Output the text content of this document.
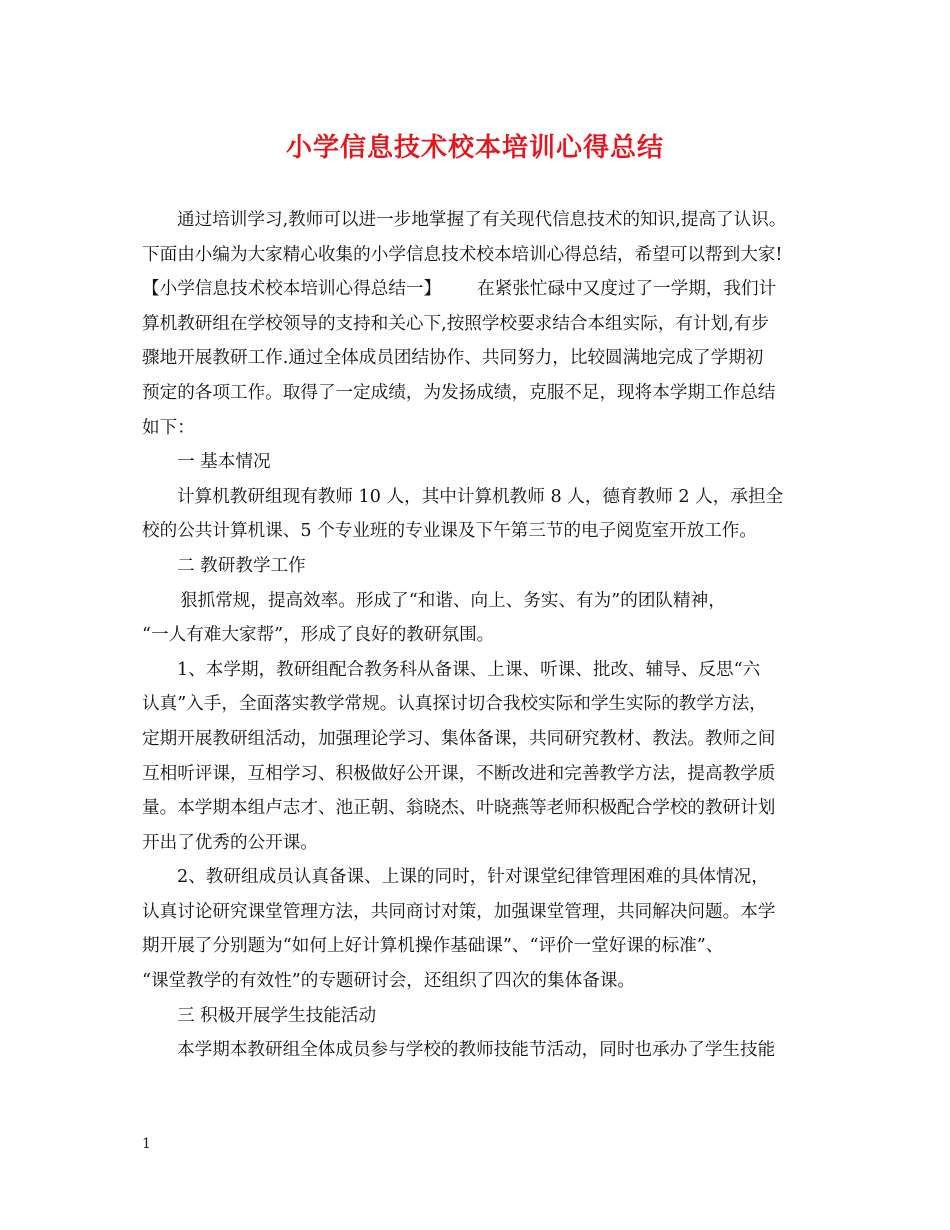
小学信息技术校本培训心得总结
通过培训学习,教师可以进一步地掌握了有关现代信息技术的知识,提高了认识。
下面由小编为大家精心收集的小学信息技术校本培训心得总结，希望可以帮到大家!
【小学信息技术校本培训心得总结一】 在紧张忙碌中又度过了一学期，我们计
算机教研组在学校领导的支持和关心下,按照学校要求结合本组实际，有计划,有步
骤地开展教研工作.通过全体成员团结协作、共同努力，比较圆满地完成了学期初
预定的各项工作。取得了一定成绩，为发扬成绩，克服不足，现将本学期工作总结
如下：
一 基本情况
计算机教研组现有教师 10 人，其中计算机教师 8 人，德育教师 2 人，承担全
校的公共计算机课、5 个专业班的专业课及下午第三节的电子阅览室开放工作。
二 教研教学工作
狠抓常规，提高效率。形成了“和谐、向上、务实、有为”的团队精神，
“一人有难大家帮”，形成了良好的教研氛围。
1、本学期，教研组配合教务科从备课、上课、听课、批改、辅导、反思“六
认真”入手，全面落实教学常规。认真探讨切合我校实际和学生实际的教学方法，
定期开展教研组活动，加强理论学习、集体备课，共同研究教材、教法。教师之间
互相听评课，互相学习、积极做好公开课，不断改进和完善教学方法，提高教学质
量。本学期本组卢志才、池正朝、翁晓杰、叶晓燕等老师积极配合学校的教研计划
开出了优秀的公开课。
2、教研组成员认真备课、上课的同时，针对课堂纪律管理困难的具体情况，
认真讨论研究课堂管理方法，共同商讨对策，加强课堂管理，共同解决问题。本学
期开展了分别题为“如何上好计算机操作基础课”、“评价一堂好课的标准”、
“课堂教学的有效性”的专题研讨会，还组织了四次的集体备课。
三 积极开展学生技能活动
本学期本教研组全体成员参与学校的教师技能节活动，同时也承办了学生技能
1
